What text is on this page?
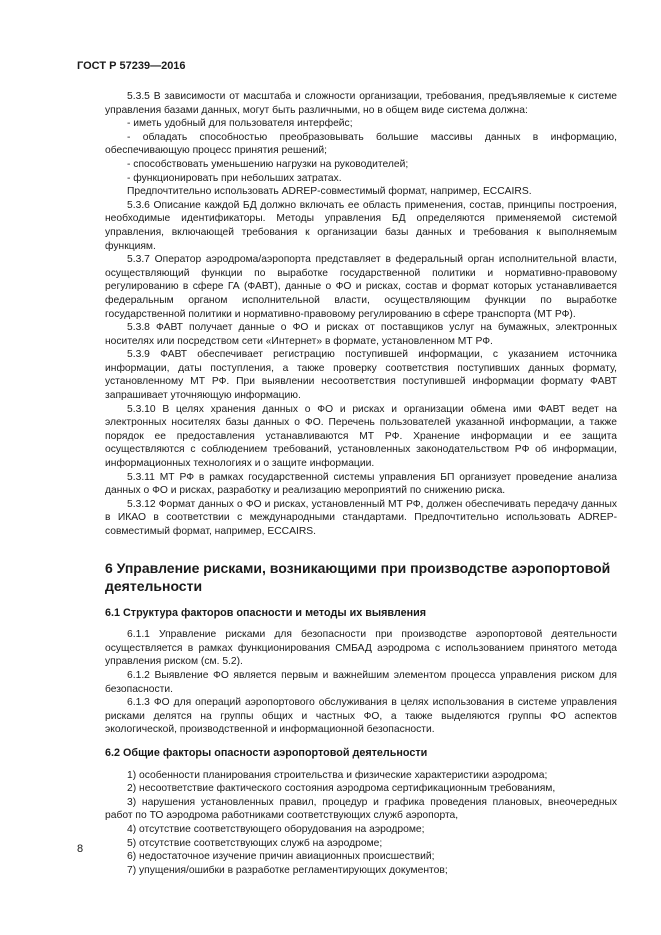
ГОСТ Р 57239—2016

5.3.5 В зависимости от масштаба и сложности организации, требования, предъявляемые к системе управления базами данных, могут быть различными, но в общем виде система должна:

- иметь удобный для пользователя интерфейс;

- обладать способностью преобразовывать большие массивы данных в информацию, обеспечивающую процесс принятия решений;

- способствовать уменьшению нагрузки на руководителей;

- функционировать при небольших затратах.

Предпочтительно использовать ADREP-совместимый формат, например, ECCAIRS.

5.3.6 Описание каждой БД должно включать ее область применения, состав, принципы построения, необходимые идентификаторы. Методы управления БД определяются применяемой системой управления, включающей требования к организации базы данных и требования к выполняемым функциям.

5.3.7 Оператор аэродрома/аэропорта представляет в федеральный орган исполнительной власти, осуществляющий функции по выработке государственной политики и нормативно-правовому регулированию в сфере ГА (ФАВТ), данные о ФО и рисках, состав и формат которых устанавливается федеральным органом исполнительной власти, осуществляющим функции по выработке государственной политики и нормативно-правовому регулированию в сфере транспорта (МТ РФ).

5.3.8 ФАВТ получает данные о ФО и рисках от поставщиков услуг на бумажных, электронных носителях или посредством сети «Интернет» в формате, установленном МТ РФ.

5.3.9 ФАВТ обеспечивает регистрацию поступившей информации, с указанием источника информации, даты поступления, а также проверку соответствия поступивших данных формату, установленному МТ РФ. При выявлении несоответствия поступившей информации формату ФАВТ запрашивает уточняющую информацию.

5.3.10 В целях хранения данных о ФО и рисках и организации обмена ими ФАВТ ведет на электронных носителях базы данных о ФО. Перечень пользователей указанной информации, а также порядок ее предоставления устанавливаются МТ РФ. Хранение информации и ее защита осуществляются с соблюдением требований, установленных законодательством РФ об информации, информационных технологиях и о защите информации.

5.3.11 МТ РФ в рамках государственной системы управления БП организует проведение анализа данных о ФО и рисках, разработку и реализацию мероприятий по снижению риска.

5.3.12 Формат данных о ФО и рисках, установленный МТ РФ, должен обеспечивать передачу данных в ИКАО в соответствии с международными стандартами. Предпочтительно использовать ADREP-совместимый формат, например, ECCAIRS.

6 Управление рисками, возникающими при производстве аэропортовой деятельности

6.1 Структура факторов опасности и методы их выявления

6.1.1 Управление рисками для безопасности при производстве аэропортовой деятельности осуществляется в рамках функционирования СМБАД аэродрома с использованием принятого метода управления риском (см. 5.2).

6.1.2 Выявление ФО является первым и важнейшим элементом процесса управления риском для безопасности.

6.1.3 ФО для операций аэропортового обслуживания в целях использования в системе управления рисками делятся на группы общих и частных ФО, а также выделяются группы ФО аспектов экологической, производственной и информационной безопасности.

6.2 Общие факторы опасности аэропортовой деятельности

1) особенности планирования строительства и физические характеристики аэродрома;

2) несоответствие фактического состояния аэродрома сертификационным требованиям,

3) нарушения установленных правил, процедур и графика проведения плановых, внеочередных работ по ТО аэродрома работниками соответствующих служб аэропорта,

4) отсутствие соответствующего оборудования на аэродроме;

5) отсутствие соответствующих служб на аэродроме;

6) недостаточное изучение причин авиационных происшествий;

7) упущения/ошибки в разработке регламентирующих документов;

8
